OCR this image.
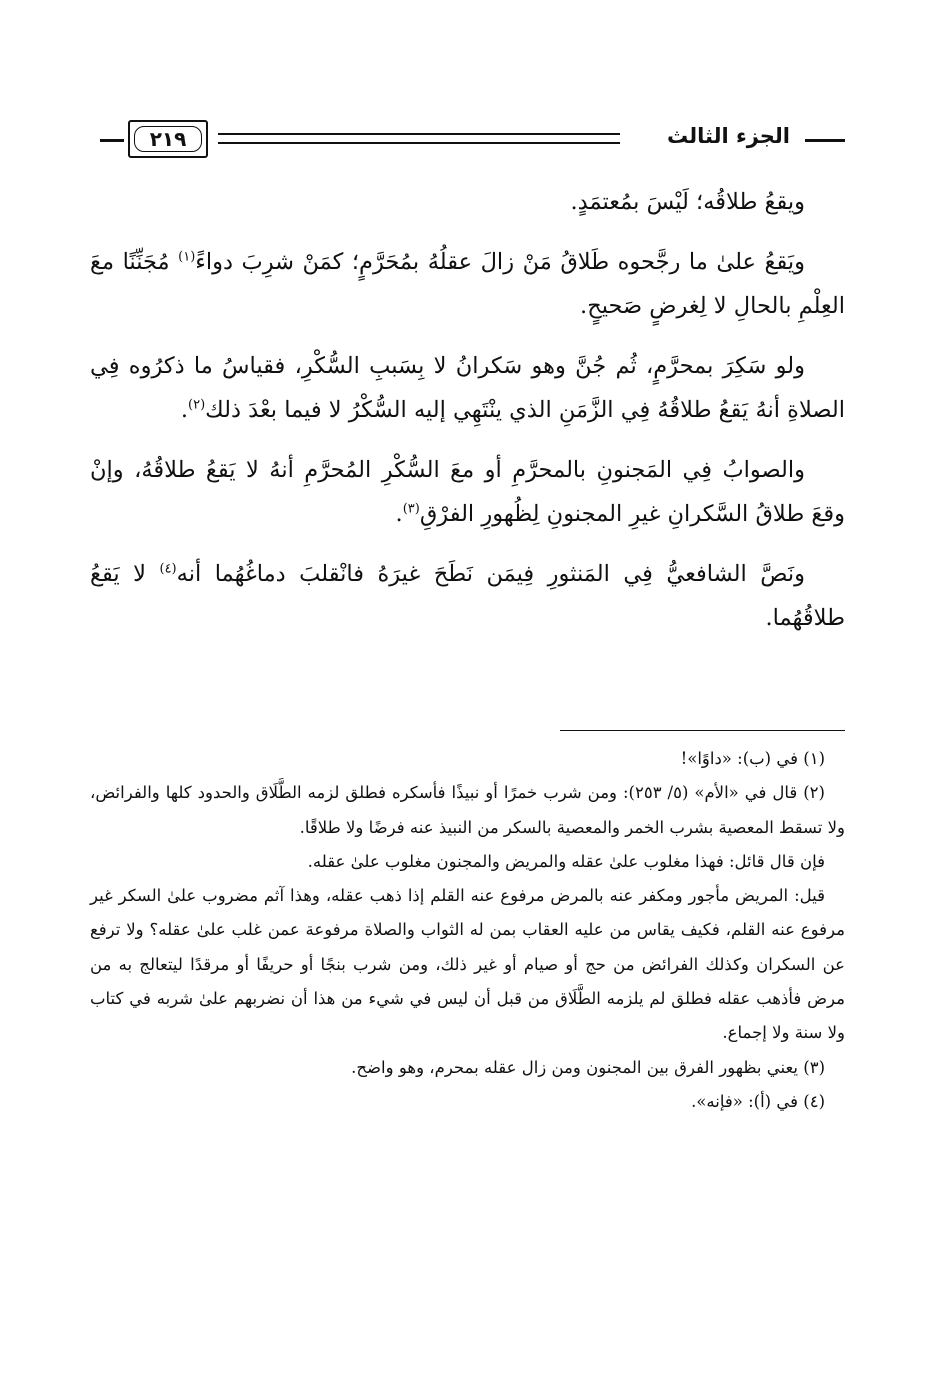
الجزء الثالث
٢١٩

ويقعُ طلاقُه؛ لَيْسَ بمُعتمَدٍ.

ويَقعُ علىٰ ما رجَّحوه طَلاقُ مَنْ زالَ عقلُهُ بمُحَرَّمٍ؛ كمَنْ شرِبَ دواءً$^{(١)}$ مُجَنِّنًا معَ العِلْمِ بالحالِ لا لِغرضٍ صَحيحٍ.

ولو سَكِرَ بمحرَّمٍ، ثُم جُنَّ وهو سَكرانُ لا بِسَببِ السُّكْرِ، فقياسُ ما ذكرُوه فِي الصلاةِ أنهُ يَقعُ طلاقُهُ فِي الزَّمَنِ الذي ينْتَهِي إليه السُّكْرُ لا فيما بعْدَ ذلك$^{(٢)}$.

والصوابُ فِي المَجنونِ بالمحرَّمِ أو معَ السُّكْرِ المُحرَّمِ أنهُ لا يَقعُ طلاقُهُ، وإنْ وقعَ طلاقُ السَّكرانِ غيرِ المجنونِ لِظُهورِ الفرْقِ$^{(٣)}$.

ونَصَّ الشافعيُّ فِي المَنثورِ فِيمَن نَطَحَ غيرَهُ فانْقلبَ دماغُهُما أنه$^{(٤)}$ لا يَقعُ طلاقُهُما.

(١) في (ب): «داوًا»!

(٢) قال في «الأم» (٥/ ٢٥٣): ومن شرب خمرًا أو نبيذًا فأسكره فطلق لزمه الطَّلَاق والحدود كلها والفرائض، ولا تسقط المعصية بشرب الخمر والمعصية بالسكر من النبيذ عنه فرضًا ولا طلاقًا.

فإن قال قائل: فهذا مغلوب علىٰ عقله والمريض والمجنون مغلوب علىٰ عقله.

قيل: المريض مأجور ومكفر عنه بالمرض مرفوع عنه القلم إذا ذهب عقله، وهذا آثم مضروب علىٰ السكر غير مرفوع عنه القلم، فكيف يقاس من عليه العقاب بمن له الثواب والصلاة مرفوعة عمن غلب علىٰ عقله؟ ولا ترفع عن السكران وكذلك الفرائض من حج أو صيام أو غير ذلك، ومن شرب بنجًا أو حريفًا أو مرقدًا ليتعالج به من مرض فأذهب عقله فطلق لم يلزمه الطَّلَاق من قبل أن ليس في شيء من هذا أن نضربهم علىٰ شربه في كتاب ولا سنة ولا إجماع.

(٣) يعني بظهور الفرق بين المجنون ومن زال عقله بمحرم، وهو واضح.

(٤) في (أ): «فإنه».
